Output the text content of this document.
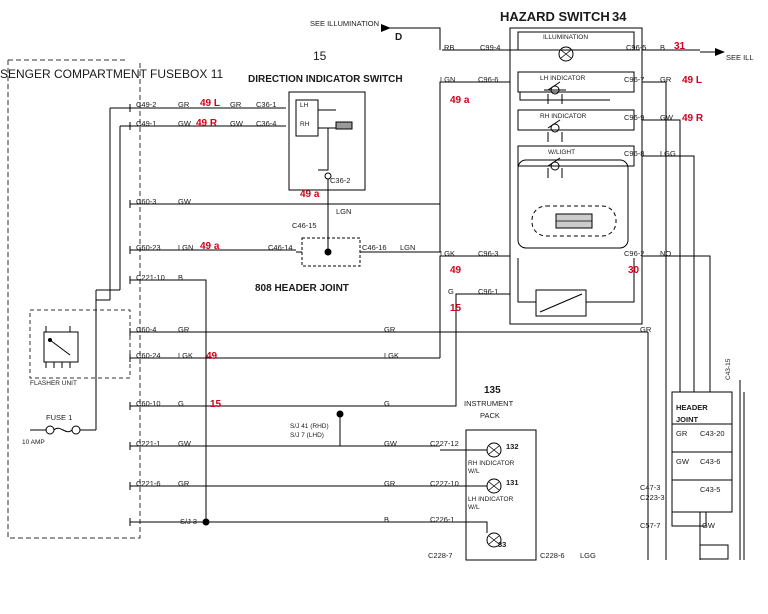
SENGER COMPARTMENT FUSEBOX 11 DIRECTION INDICATOR SWITCH
15
HAZARD SWITCH 34
808 HEADER JOINT
SEE ILLUMINATION
D
SEE ILL
ILLUMINATION
LH INDICATOR
RH INDICATOR
W/LIGHT
LH
RH
FLASHER UNIT
FUSE 1
10 AMP
135
INSTRUMENT
PACK
132
131
33
RH INDICATOR
W/L
LH INDICATOR
W/L
HEADER
JOINT
S/J 41 (RHD)
S/J 7 (LHD)
S/J 3
C49-2
C49-1
C60-3
C60-23
C221-10
C60-4
C60-24
C60-10
C221-1
C221-6
GR
GW
GW
LGN
B
GR
LGK
G
GW
GR
GR
GW
C36-1
C36-4
C36-2
LGN
C46-15
C46-14	C46-16 LGN
GR
LGK
G
GW
GR
B
C227-12
C227-10
C226-1
C228-7	C228-6 LGG
RB	C99-4
LGN	C96-6
LGK	C96-3
G	C96-1
C96-5 B
C96-7 GR
C96-9 GW
C96-8 LGG
C96-2 NO
GR
GR C43-20
GW C43-6
C47-3
C223-3
C43-5
C57-7	GW
C43-15
49 L
49 R
49 a
49 a
49 a
49
49
15
15
31
49 L
49 R
30
